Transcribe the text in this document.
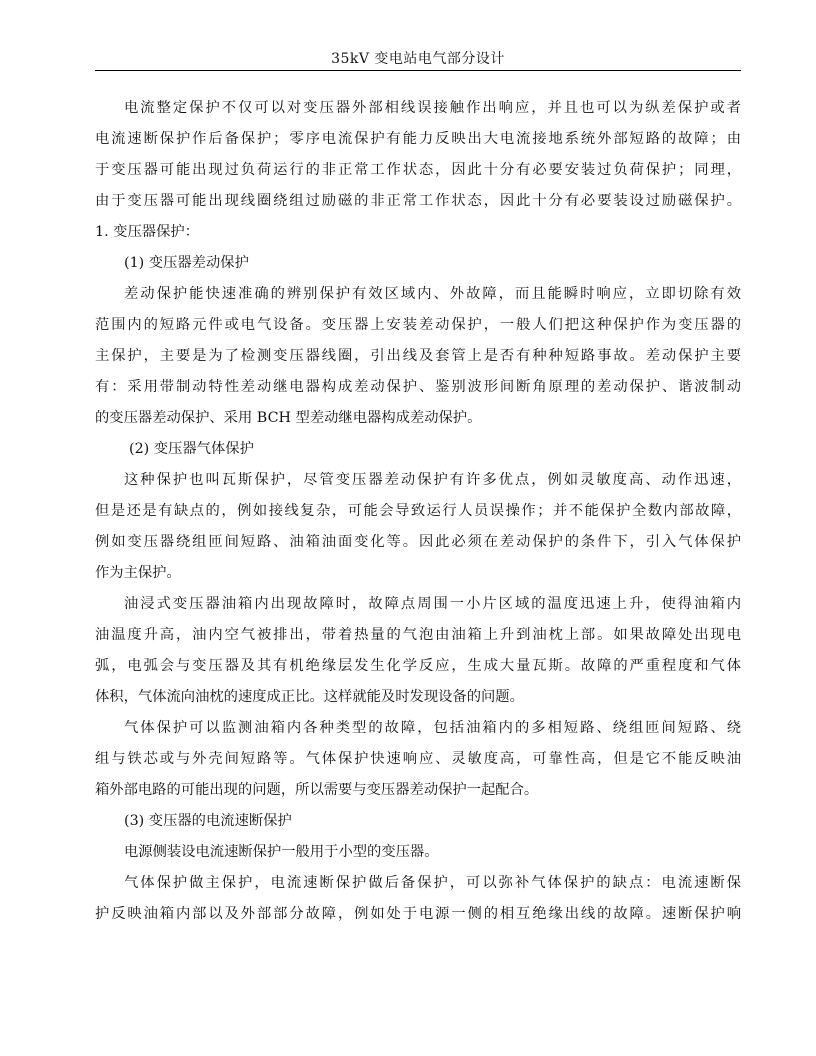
35kV 变电站电气部分设计
电流整定保护不仅可以对变压器外部相线误接触作出响应，并且也可以为纵差保护或者
电流速断保护作后备保护；零序电流保护有能力反映出大电流接地系统外部短路的故障；由
于变压器可能出现过负荷运行的非正常工作状态，因此十分有必要安装过负荷保护；同理，
由于变压器可能出现线圈绕组过励磁的非正常工作状态，因此十分有必要装设过励磁保护。
1. 变压器保护：
(1) 变压器差动保护
差动保护能快速准确的辨别保护有效区域内、外故障，而且能瞬时响应，立即切除有效
范围内的短路元件或电气设备。变压器上安装差动保护，一般人们把这种保护作为变压器的
主保护，主要是为了检测变压器线圈，引出线及套管上是否有种种短路事故。差动保护主要
有：采用带制动特性差动继电器构成差动保护、鉴别波形间断角原理的差动保护、谐波制动
的变压器差动保护、采用 BCH 型差动继电器构成差动保护。
(2) 变压器气体保护
这种保护也叫瓦斯保护，尽管变压器差动保护有许多优点，例如灵敏度高、动作迅速，
但是还是有缺点的，例如接线复杂，可能会导致运行人员误操作；并不能保护全数内部故障，
例如变压器绕组匝间短路、油箱油面变化等。因此必须在差动保护的条件下，引入气体保护
作为主保护。
油浸式变压器油箱内出现故障时，故障点周围一小片区域的温度迅速上升，使得油箱内
油温度升高，油内空气被排出，带着热量的气泡由油箱上升到油枕上部。如果故障处出现电
弧，电弧会与变压器及其有机绝缘层发生化学反应，生成大量瓦斯。故障的严重程度和气体
体积，气体流向油枕的速度成正比。这样就能及时发现设备的问题。
气体保护可以监测油箱内各种类型的故障，包括油箱内的多相短路、绕组匝间短路、绕
组与铁芯或与外壳间短路等。气体保护快速响应、灵敏度高，可靠性高，但是它不能反映油
箱外部电路的可能出现的问题，所以需要与变压器差动保护一起配合。
(3) 变压器的电流速断保护
电源侧装设电流速断保护一般用于小型的变压器。
气体保护做主保护，电流速断保护做后备保护，可以弥补气体保护的缺点：电流速断保
护反映油箱内部以及外部部分故障，例如处于电源一侧的相互绝缘出线的故障。速断保护响
